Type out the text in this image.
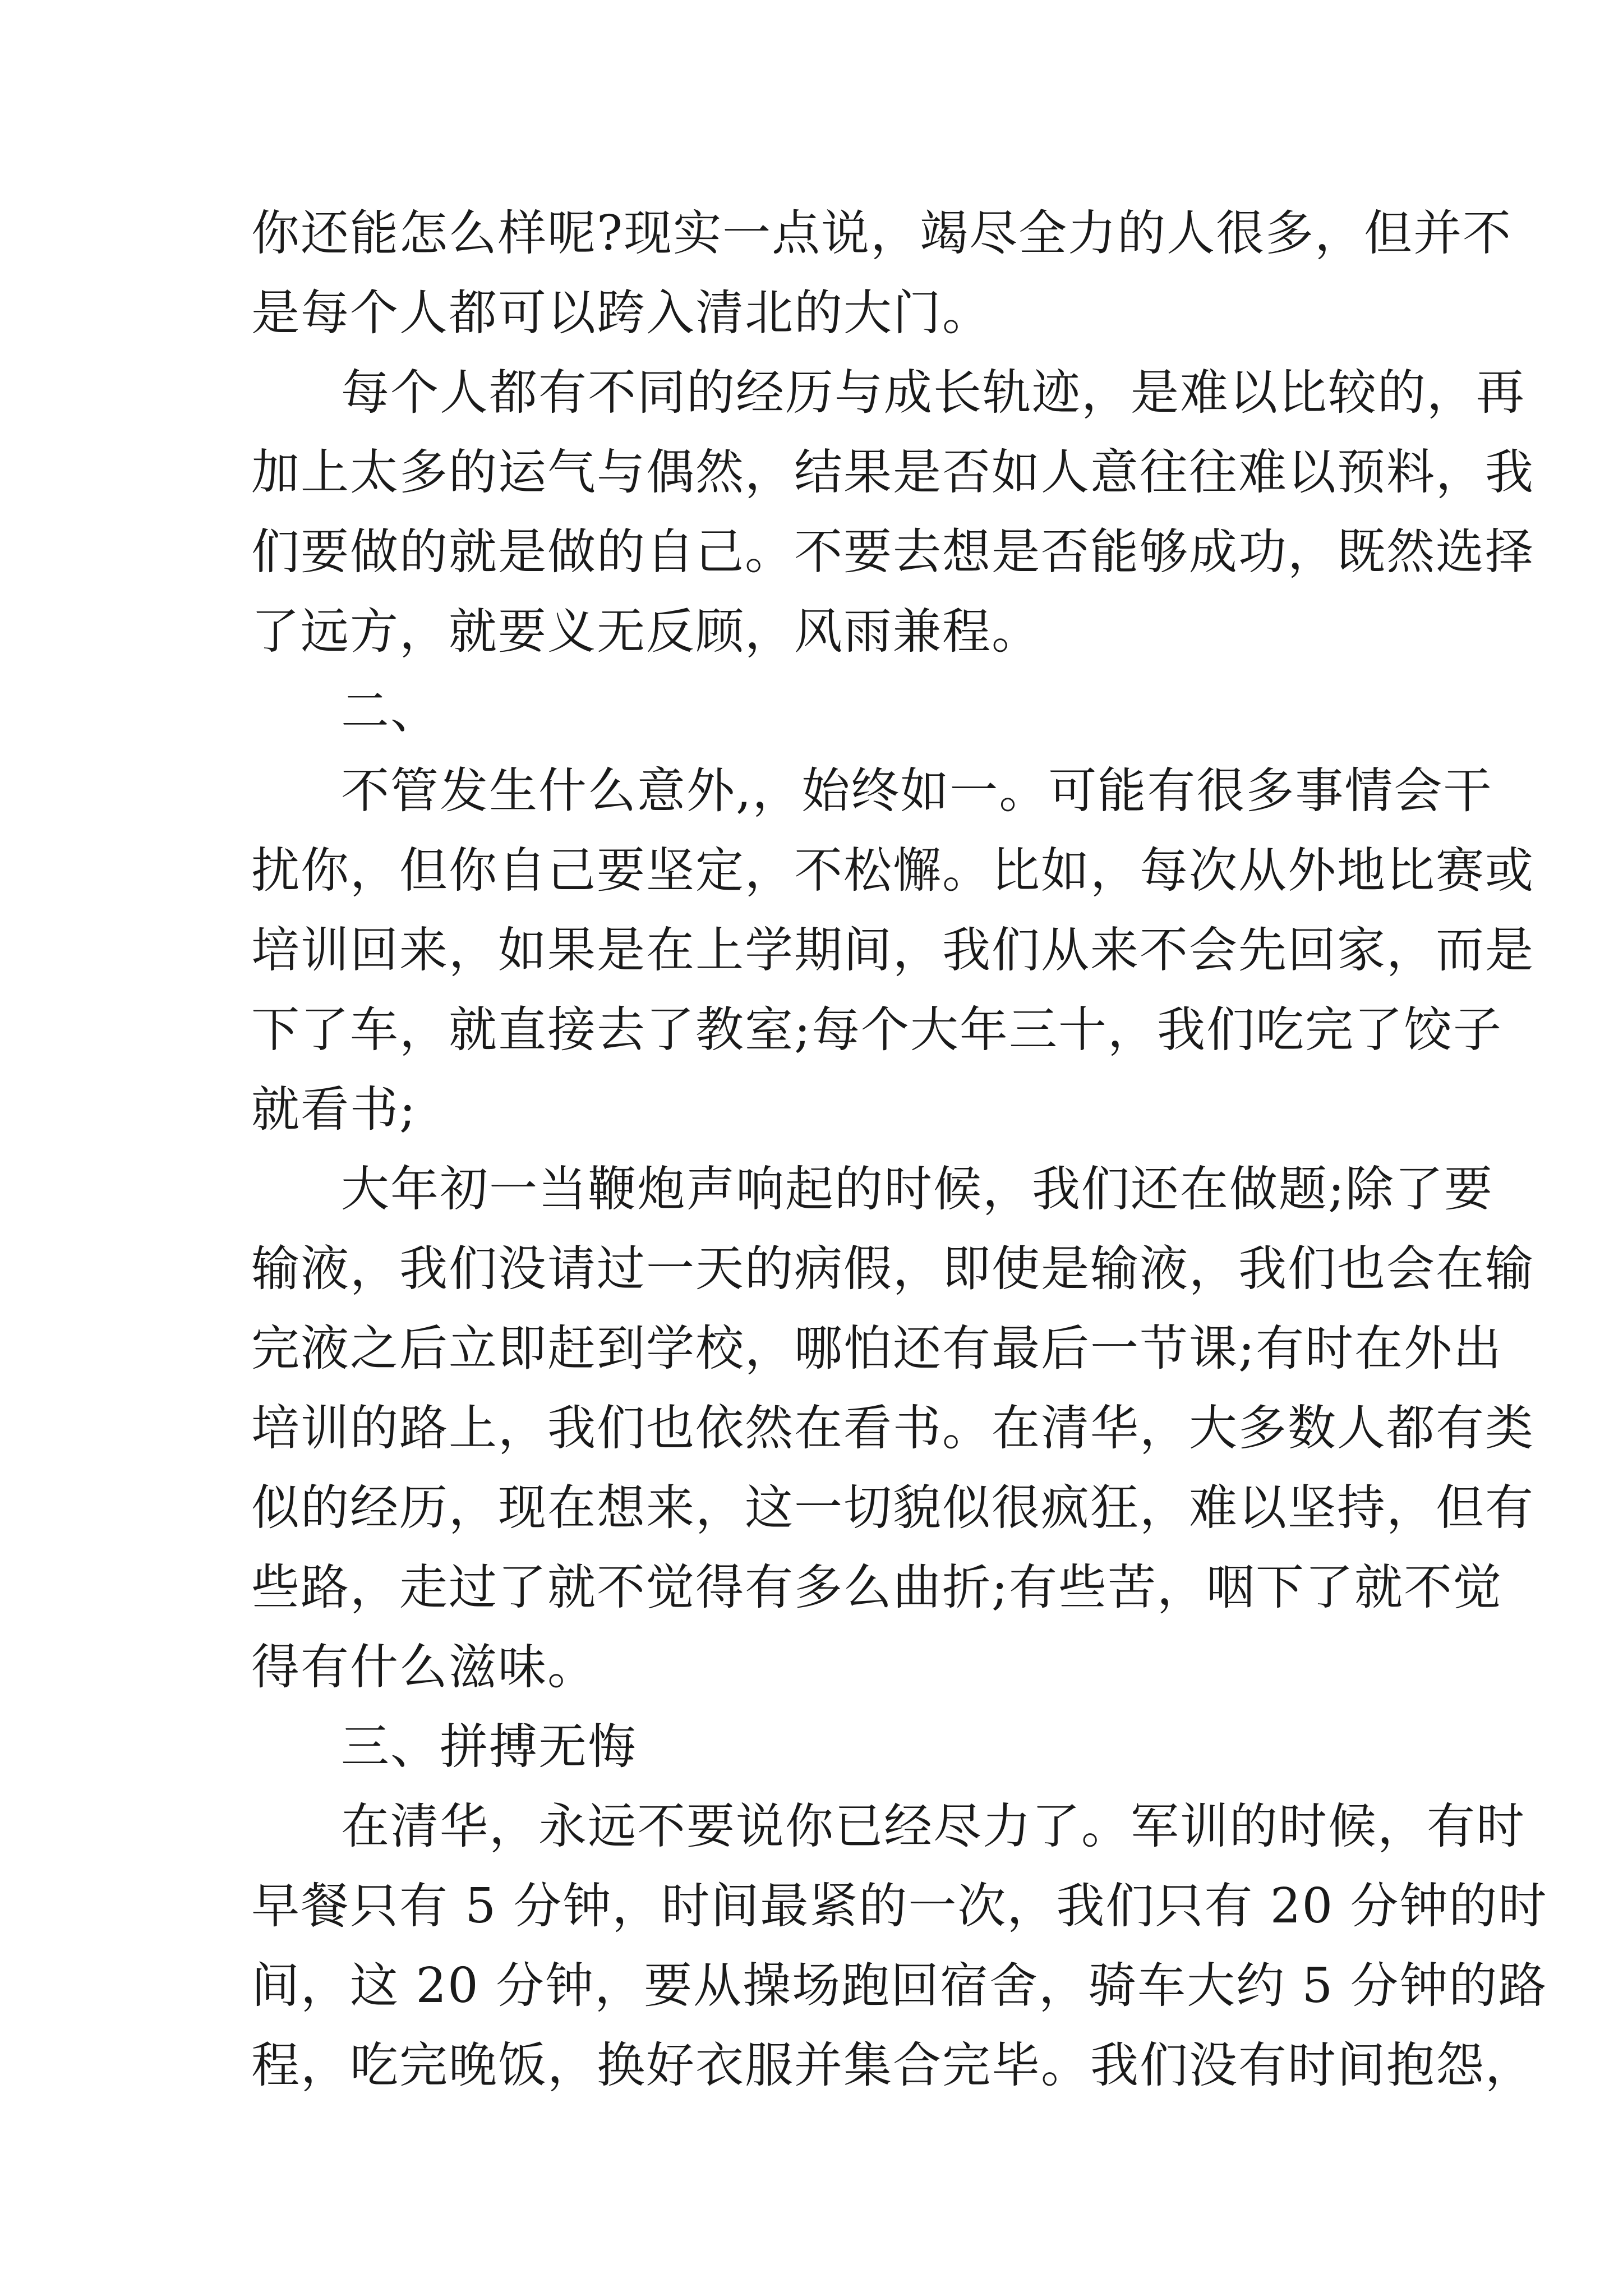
你还能怎么样呢?现实一点说，竭尽全力的人很多，但并不
是每个人都可以跨入清北的大门。
每个人都有不同的经历与成长轨迹，是难以比较的，再
加上太多的运气与偶然，结果是否如人意往往难以预料，我
们要做的就是做的自己。不要去想是否能够成功，既然选择
了远方，就要义无反顾，风雨兼程。
二、
不管发生什么意外,，始终如一。可能有很多事情会干
扰你，但你自己要坚定，不松懈。比如，每次从外地比赛或
培训回来，如果是在上学期间，我们从来不会先回家，而是
下了车，就直接去了教室;每个大年三十，我们吃完了饺子
就看书;
大年初一当鞭炮声响起的时候，我们还在做题;除了要
输液，我们没请过一天的病假，即使是输液，我们也会在输
完液之后立即赶到学校，哪怕还有最后一节课;有时在外出
培训的路上，我们也依然在看书。在清华，大多数人都有类
似的经历，现在想来，这一切貌似很疯狂，难以坚持，但有
些路，走过了就不觉得有多么曲折;有些苦，咽下了就不觉
得有什么滋味。
三、拼搏无悔
在清华，永远不要说你已经尽力了。军训的时候，有时
早餐只有 5 分钟，时间最紧的一次，我们只有 20 分钟的时
间，这 20 分钟，要从操场跑回宿舍，骑车大约 5 分钟的路
程，吃完晚饭，换好衣服并集合完毕。我们没有时间抱怨，
